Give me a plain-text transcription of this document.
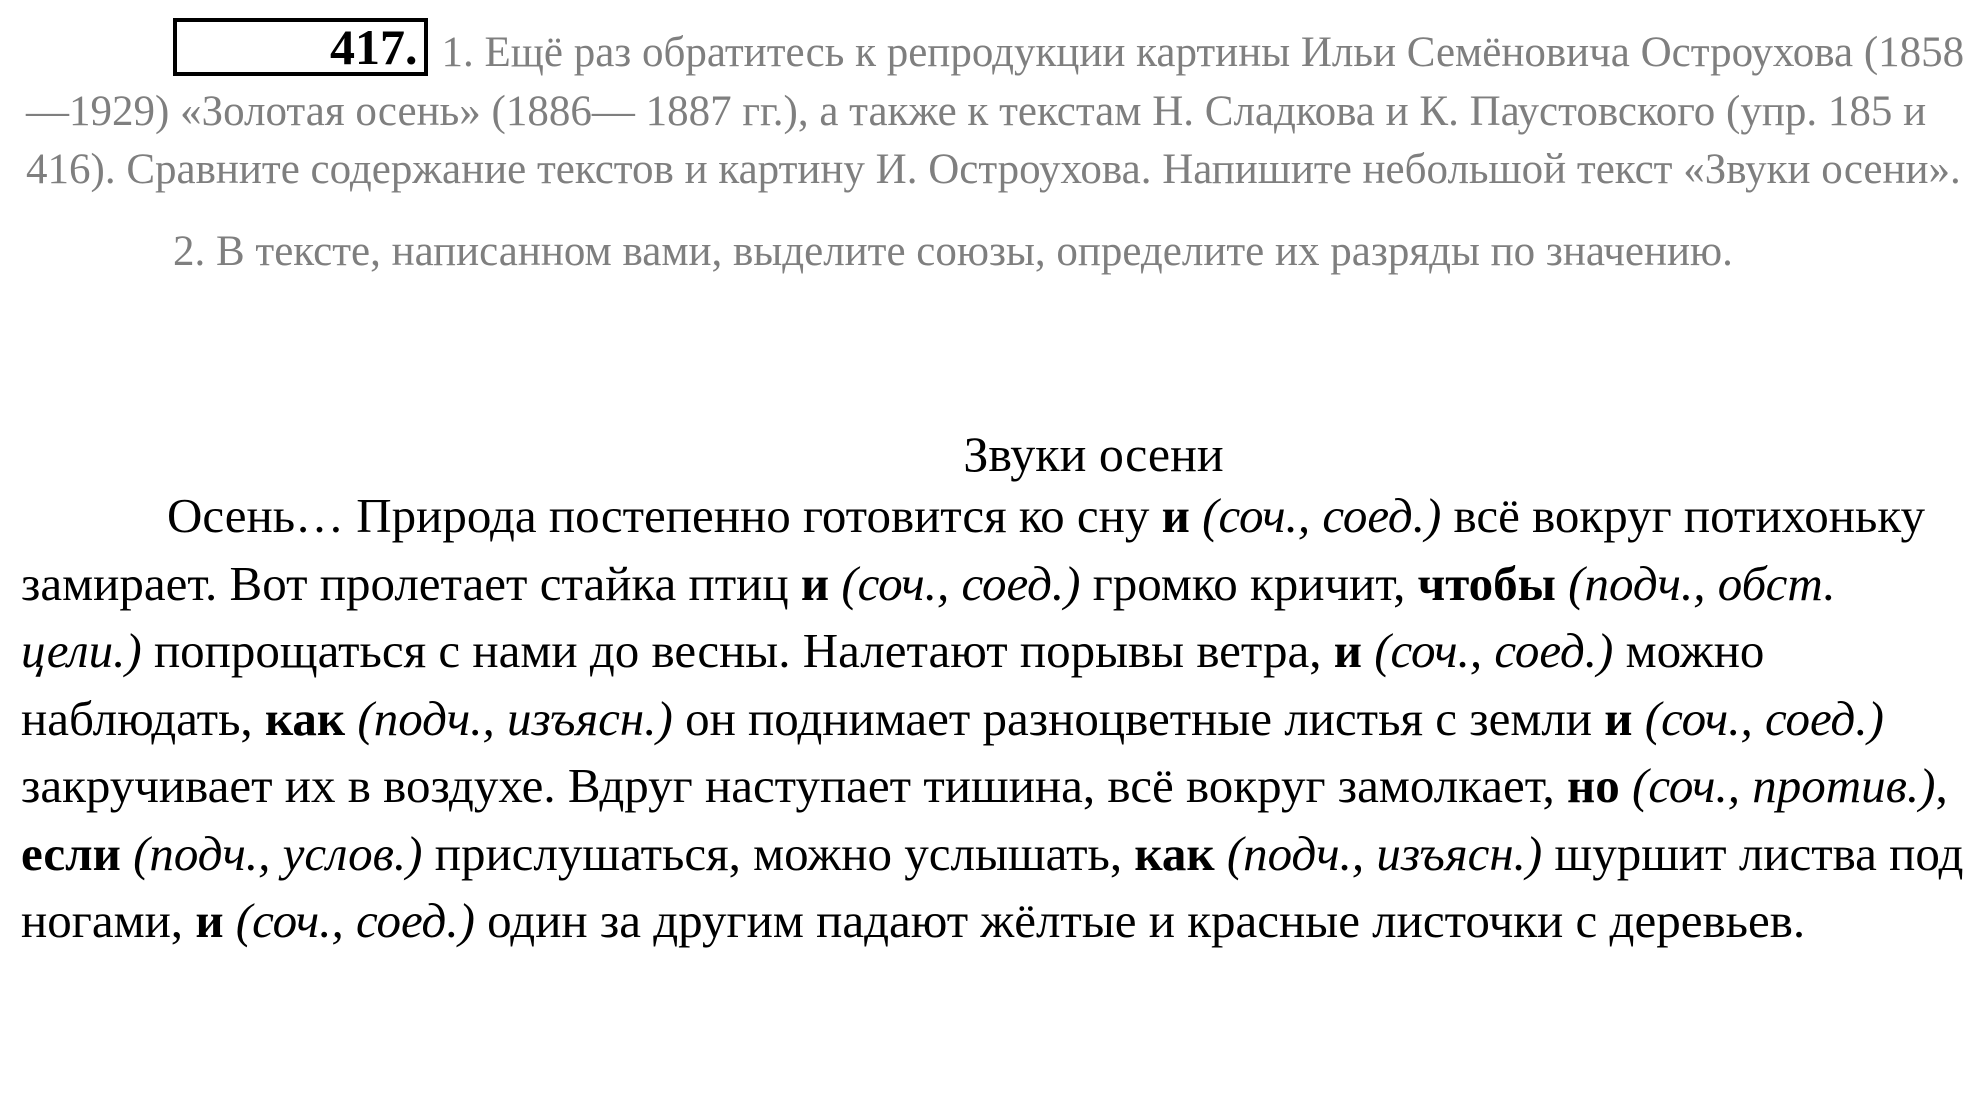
417. 1. Ещё раз обратитесь к репродукции картины Ильи Семёновича Остроухова (1858—1929) «Золотая осень» (1886— 1887 гг.), а также к текстам Н. Сладкова и К. Паустовского (упр. 185 и 416). Сравните содержание текстов и картину И. Остроухова. Напишите небольшой текст «Звуки осени».

2. В тексте, написанном вами, выделите союзы, определите их разряды по значению.

Звуки осени

Осень… Природа постепенно готовится ко сну и (соч., соед.) всё вокруг потихоньку замирает. Вот пролетает стайка птиц и (соч., соед.) громко кричит, чтобы (подч., обст. цели.) попрощаться с нами до весны. Налетают порывы ветра, и (соч., соед.) можно наблюдать, как (подч., изъясн.) он поднимает разноцветные листья с земли и (соч., соед.) закручивает их в воздухе. Вдруг наступает тишина, всё вокруг замолкает, но (соч., против.), если (подч., услов.) прислушаться, можно услышать, как (подч., изъясн.) шуршит листва под ногами, и (соч., соед.) один за другим падают жёлтые и красные листочки с деревьев.
